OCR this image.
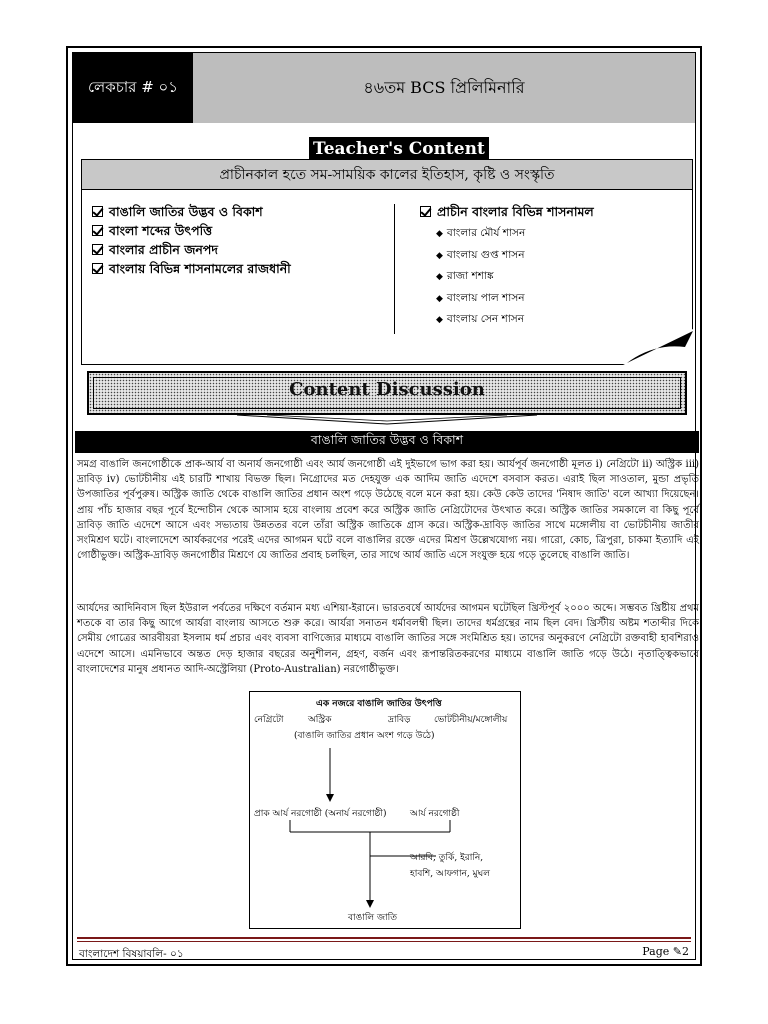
লেকচার # ০১	৪৬তম BCS প্রিলিমিনারি
Teacher's Content
প্রাচীনকাল হতে সম-সাময়িক কালের ইতিহাস, কৃষ্টি ও সংস্কৃতি
বাঙালি জাতির উদ্ভব ও বিকাশ
বাংলা শব্দের উৎপত্তি
বাংলার প্রাচীন জনপদ
বাংলায় বিভিন্ন শাসনামলের রাজধানী
প্রাচীন বাংলার বিভিন্ন শাসনামল
◆ বাংলার মৌর্য শাসন
◆ বাংলায় গুপ্ত শাসন
◆ রাজা শশাঙ্ক
◆ বাংলায় পাল শাসন
◆ বাংলায় সেন শাসন
Content Discussion
বাঙালি জাতির উদ্ভব ও বিকাশ

সমগ্র বাঙালি জনগোষ্ঠীকে প্রাক-আর্য বা অনার্য জনগোষ্ঠী এবং আর্য জনগোষ্ঠী এই দুইভাগে ভাগ করা হয়। আর্যপূর্ব জনগোষ্ঠী মূলত i) নেগ্রিটো ii) অস্ট্রিক iii) দ্রাবিড় iv) ভোটচীনীয় এই চারটি শাখায় বিভক্ত ছিল। নিগ্রোদের মত দেহযুক্ত এক আদিম জাতি এদেশে বসবাস করত। এরাই ছিল সাওতাল, মুন্ডা প্রভৃতি উপজাতির পূর্বপুরুষ। অস্ট্রিক জাতি থেকে বাঙালি জাতির প্রধান অংশ গড়ে উঠেছে বলে মনে করা হয়। কেউ কেউ তাদের 'নিষাদ জাতি' বলে আখ্যা দিয়েছেন। প্রায় পাঁচ হাজার বছর পূর্বে ইন্দোচীন থেকে আসাম হয়ে বাংলায় প্রবেশ করে অস্ট্রিক জাতি নেগ্রিটোদের উৎখাত করে। অস্ট্রিক জাতির সমকালে বা কিছু পূর্বে দ্রাবিড় জাতি এদেশে আসে এবং সভ্যতায় উন্নততর বলে তাঁরা অস্ট্রিক জাতিকে গ্রাস করে। অস্ট্রিক-দ্রাবিড় জাতির সাথে মঙ্গোলীয় বা ভোটচীনীয় জাতীর সংমিশ্রণ ঘটে। বাংলাদেশে আর্যকরণের পরেই এদের আগমন ঘটে বলে বাঙালির রক্তে এদের মিশ্রণ উল্লেখযোগ্য নয়। গারো, কোচ, ত্রিপুরা, চাকমা ইত্যাদি এই গোষ্ঠীভুক্ত। অস্ট্রিক-দ্রাবিড় জনগোষ্ঠীর মিশ্রণে যে জাতির প্রবাহ চলছিল, তার সাথে আর্য জাতি এসে সংযুক্ত হয়ে গড়ে তুলেছে বাঙালি জাতি।

আর্যদের আদিনিবাস ছিল ইউরাল পর্বতের দক্ষিণে বর্তমান মধ্য এশিয়া-ইরানে। ভারতবর্ষে আর্যদের আগমন ঘটেছিল খ্রিস্টপূর্ব ২০০০ অব্দে। সম্ভবত খ্রিষ্টীয় প্রথম শতকে বা তার কিছু আগে আর্যরা বাংলায় আসতে শুরু করে। আর্যরা সনাতন ধর্মাবলম্বী ছিল। তাদের ধর্মগ্রন্থের নাম ছিল বেদ। খ্রিস্টীয় অষ্টম শতাব্দীর দিকে সেমীয় গোত্রের আরবীয়রা ইসলাম ধর্ম প্রচার এবং ব্যবসা বাণিজ্যের মাধ্যমে বাঙালি জাতির সঙ্গে সংমিশ্রিত হয়। তাদের অনুকরণে নেগ্রিটো রক্তবাহী হাবশিরাও এদেশে আসে। এমনিভাবে অন্তত দেড় হাজার বছরের অনুশীলন, গ্রহণ, বর্জন এবং রূপান্তরিতকরণের মাধ্যমে বাঙালি জাতি গড়ে উঠে। নৃতাত্ত্বিকভাবে বাংলাদেশের মানুষ প্রধানত আদি-অস্ট্রেলিয়া (Proto-Australian) নরগোষ্ঠীভুক্ত।

এক নজরে বাঙালি জাতির উৎপত্তি
নেগ্রিটো	অস্ট্রিক	দ্রাবিড়	ভোটচীনীয়/মঙ্গোলীয়
(বাঙালি জাতির প্রধান অংশ গড়ে উঠে)
প্রাক আর্য নরগোষ্ঠী (অনার্য নরগোষ্ঠী)	আর্য নরগোষ্ঠী
আরবি, তুর্কি, ইরানি,
হাবশি, আফগান, মুঘল
বাঙালি জাতি
বাংলাদেশ বিষয়াবলি- ০১	Page ✎2
